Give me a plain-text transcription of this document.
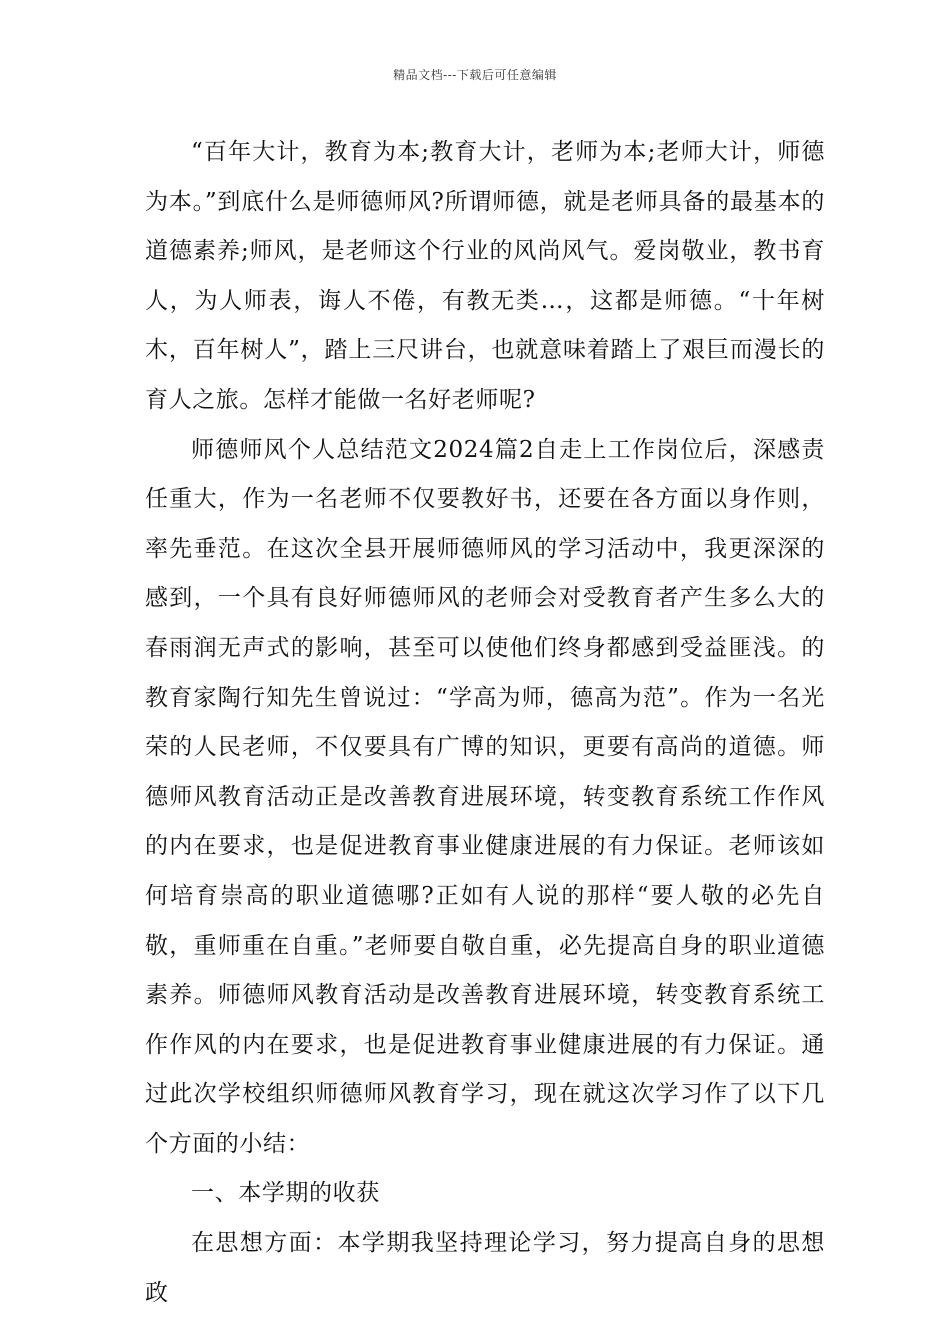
精品文档---下载后可任意编辑

“百年大计，教育为本;教育大计，老师为本;老师大计，师德为本。”到底什么是师德师风?所谓师德，就是老师具备的最基本的道德素养;师风，是老师这个行业的风尚风气。爱岗敬业，教书育人，为人师表，诲人不倦，有教无类…，这都是师德。“十年树木，百年树人”，踏上三尺讲台，也就意味着踏上了艰巨而漫长的育人之旅。怎样才能做一名好老师呢?

师德师风个人总结范文2024篇2自走上工作岗位后，深感责任重大，作为一名老师不仅要教好书，还要在各方面以身作则，率先垂范。在这次全县开展师德师风的学习活动中，我更深深的感到，一个具有良好师德师风的老师会对受教育者产生多么大的春雨润无声式的影响，甚至可以使他们终身都感到受益匪浅。的教育家陶行知先生曾说过：“学高为师，德高为范”。作为一名光荣的人民老师，不仅要具有广博的知识，更要有高尚的道德。师德师风教育活动正是改善教育进展环境，转变教育系统工作作风的内在要求，也是促进教育事业健康进展的有力保证。老师该如何培育崇高的职业道德哪?正如有人说的那样“要人敬的必先自敬，重师重在自重。”老师要自敬自重，必先提高自身的职业道德素养。师德师风教育活动是改善教育进展环境，转变教育系统工作作风的内在要求，也是促进教育事业健康进展的有力保证。通过此次学校组织师德师风教育学习，现在就这次学习作了以下几个方面的小结：

一、本学期的收获

在思想方面：本学期我坚持理论学习，努力提高自身的思想政
